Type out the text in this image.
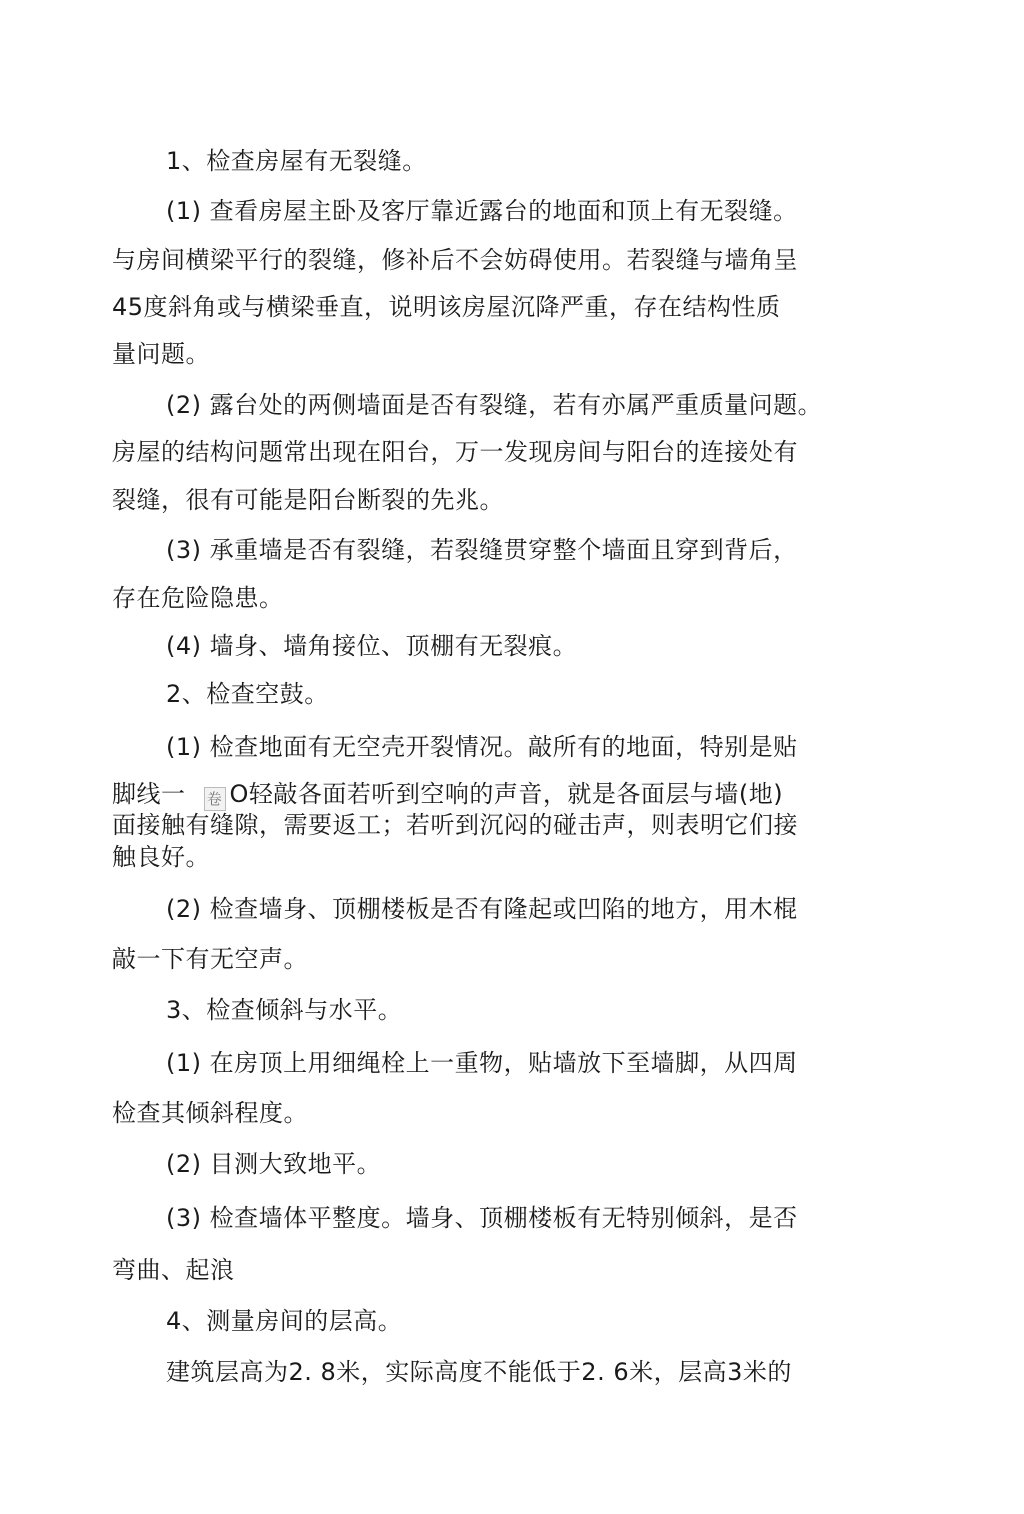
1、检查房屋有无裂缝。
(1) 查看房屋主卧及客厅靠近露台的地面和顶上有无裂缝。
与房间横梁平行的裂缝，修补后不会妨碍使用。若裂缝与墙角呈
45度斜角或与横梁垂直，说明该房屋沉降严重，存在结构性质
量问题。
(2) 露台处的两侧墙面是否有裂缝，若有亦属严重质量问题。
房屋的结构问题常出现在阳台，万一发现房间与阳台的连接处有
裂缝，很有可能是阳台断裂的先兆。
(3) 承重墙是否有裂缝，若裂缝贯穿整个墙面且穿到背后，
存在危险隐患。
(4) 墙身、墙角接位、顶棚有无裂痕。
2、检查空鼓。
(1) 检查地面有无空壳开裂情况。敲所有的地面，特别是贴
脚线一 卷 O轻敲各面若听到空响的声音，就是各面层与墙(地)
面接触有缝隙，需要返工；若听到沉闷的碰击声，则表明它们接
触良好。
(2) 检查墙身、顶棚楼板是否有隆起或凹陷的地方，用木棍
敲一下有无空声。
3、检查倾斜与水平。
(1) 在房顶上用细绳栓上一重物，贴墙放下至墙脚，从四周
检查其倾斜程度。
(2) 目测大致地平。
(3) 检查墙体平整度。墙身、顶棚楼板有无特别倾斜，是否
弯曲、起浪
4、测量房间的层高。
建筑层高为2. 8米，实际高度不能低于2. 6米，层高3米的
